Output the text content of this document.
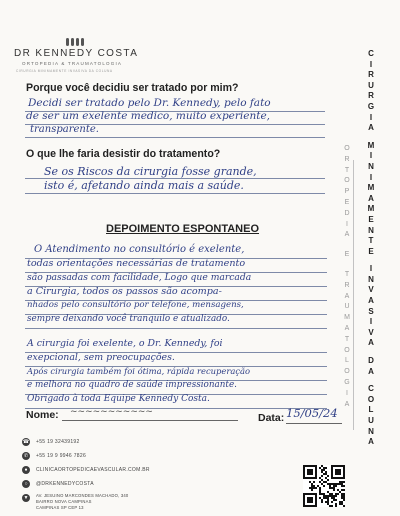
DR KENNEDY COSTA
ORTOPEDIA & TRAUMATOLOGIA
CIRURGIA MINIMAMENTE INVASIVA DA COLUNA
Porque você decidiu ser tratado por mim?
Decidi ser tratado pelo Dr. Kennedy, pelo fato
de ser um exelente medico, muito experiente,
transparente.
O que lhe faria desistir do tratamento?
Se os Riscos da cirurgia fosse grande,
isto é, afetando ainda mais a saúde.
DEPOIMENTO ESPONTANEO
O Atendimento no consultório é exelente,
todas orientações necessárias de tratamento
são passadas com facilidade, Logo que marcada
a Cirurgia, todos os passos são acompa-
nhados pelo consultório por telefone, mensagens,
sempre deixando você tranquilo e atualizado.
A cirurgia foi exelente, o Dr. Kennedy, foi
exepcional, sem preocupações.
Após cirurgia também foi ótima, rápida recuperação
e melhora no quadro de saúde impressionante.
Obrigado à toda Equipe Kennedy Costa.
Nome: ~~~~~~~~~~~	Data: 15/05/24
C
I
R
U
R
G
I
A
M
I
N
I
M
A
M
E
N
T
E
I
N
V
A
S
I
V
A
D
A
C
O
L
U
N
A
O
R
T
O
P
E
D
I
A
E
T
R
A
U
M
A
T
O
L
O
G
I
A
☎ +55 19 32439192
✆	+55 19 9 9946 7826
●	CLINICAORTOPEDICAEVASCULAR.COM.BR
○	@DRKENNEDYCOSTA
▼	AV. JESUINO MARCONDES MACHADO, 340
BAIRRO NOVA CAMPINAS
CAMPINAS SP CEP 13
